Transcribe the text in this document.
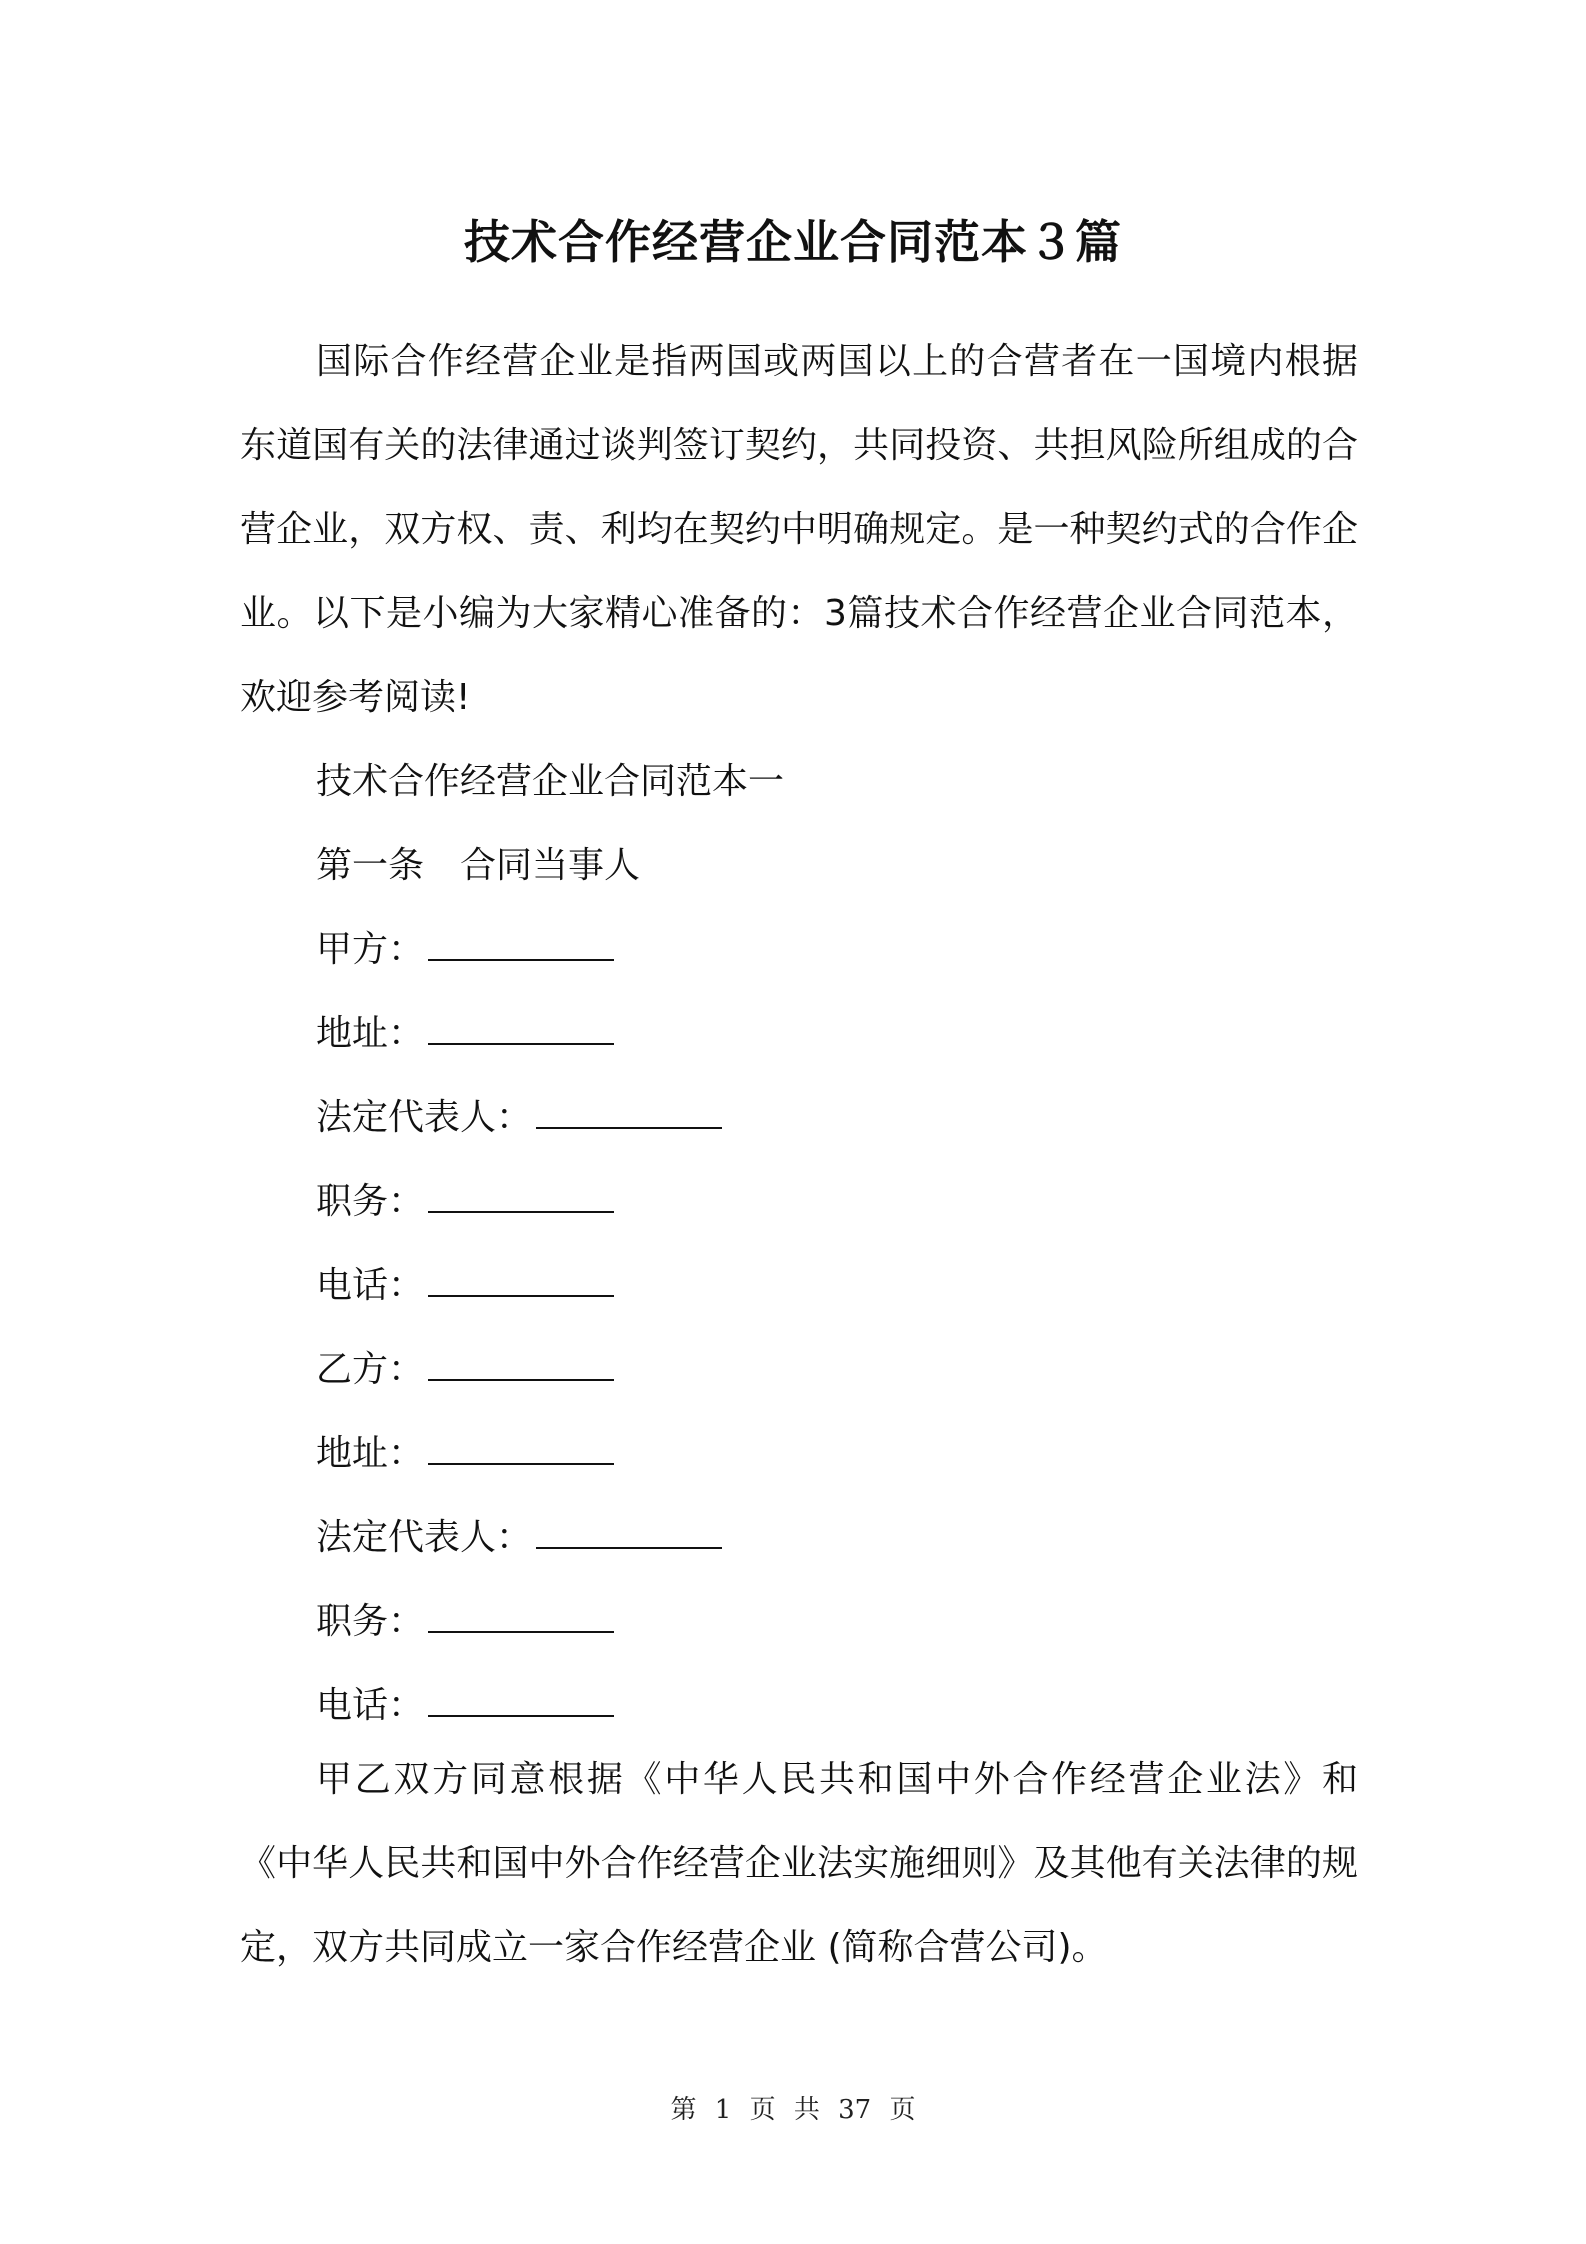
技术合作经营企业合同范本３篇

国际合作经营企业是指两国或两国以上的合营者在一国境内根据东道国有关的法律通过谈判签订契约，共同投资、共担风险所组成的合营企业，双方权、责、利均在契约中明确规定。是一种契约式的合作企业。以下是小编为大家精心准备的：3篇技术合作经营企业合同范本，欢迎参考阅读!

技术合作经营企业合同范本一
第一条　合同当事人
甲方：
地址：
法定代表人：
职务：
电话：
乙方：
地址：
法定代表人：
职务：
电话：

甲乙双方同意根据《中华人民共和国中外合作经营企业法》和《中华人民共和国中外合作经营企业法实施细则》及其他有关法律的规定，双方共同成立一家合作经营企业 (简称合营公司)。

第 1 页 共 37 页
